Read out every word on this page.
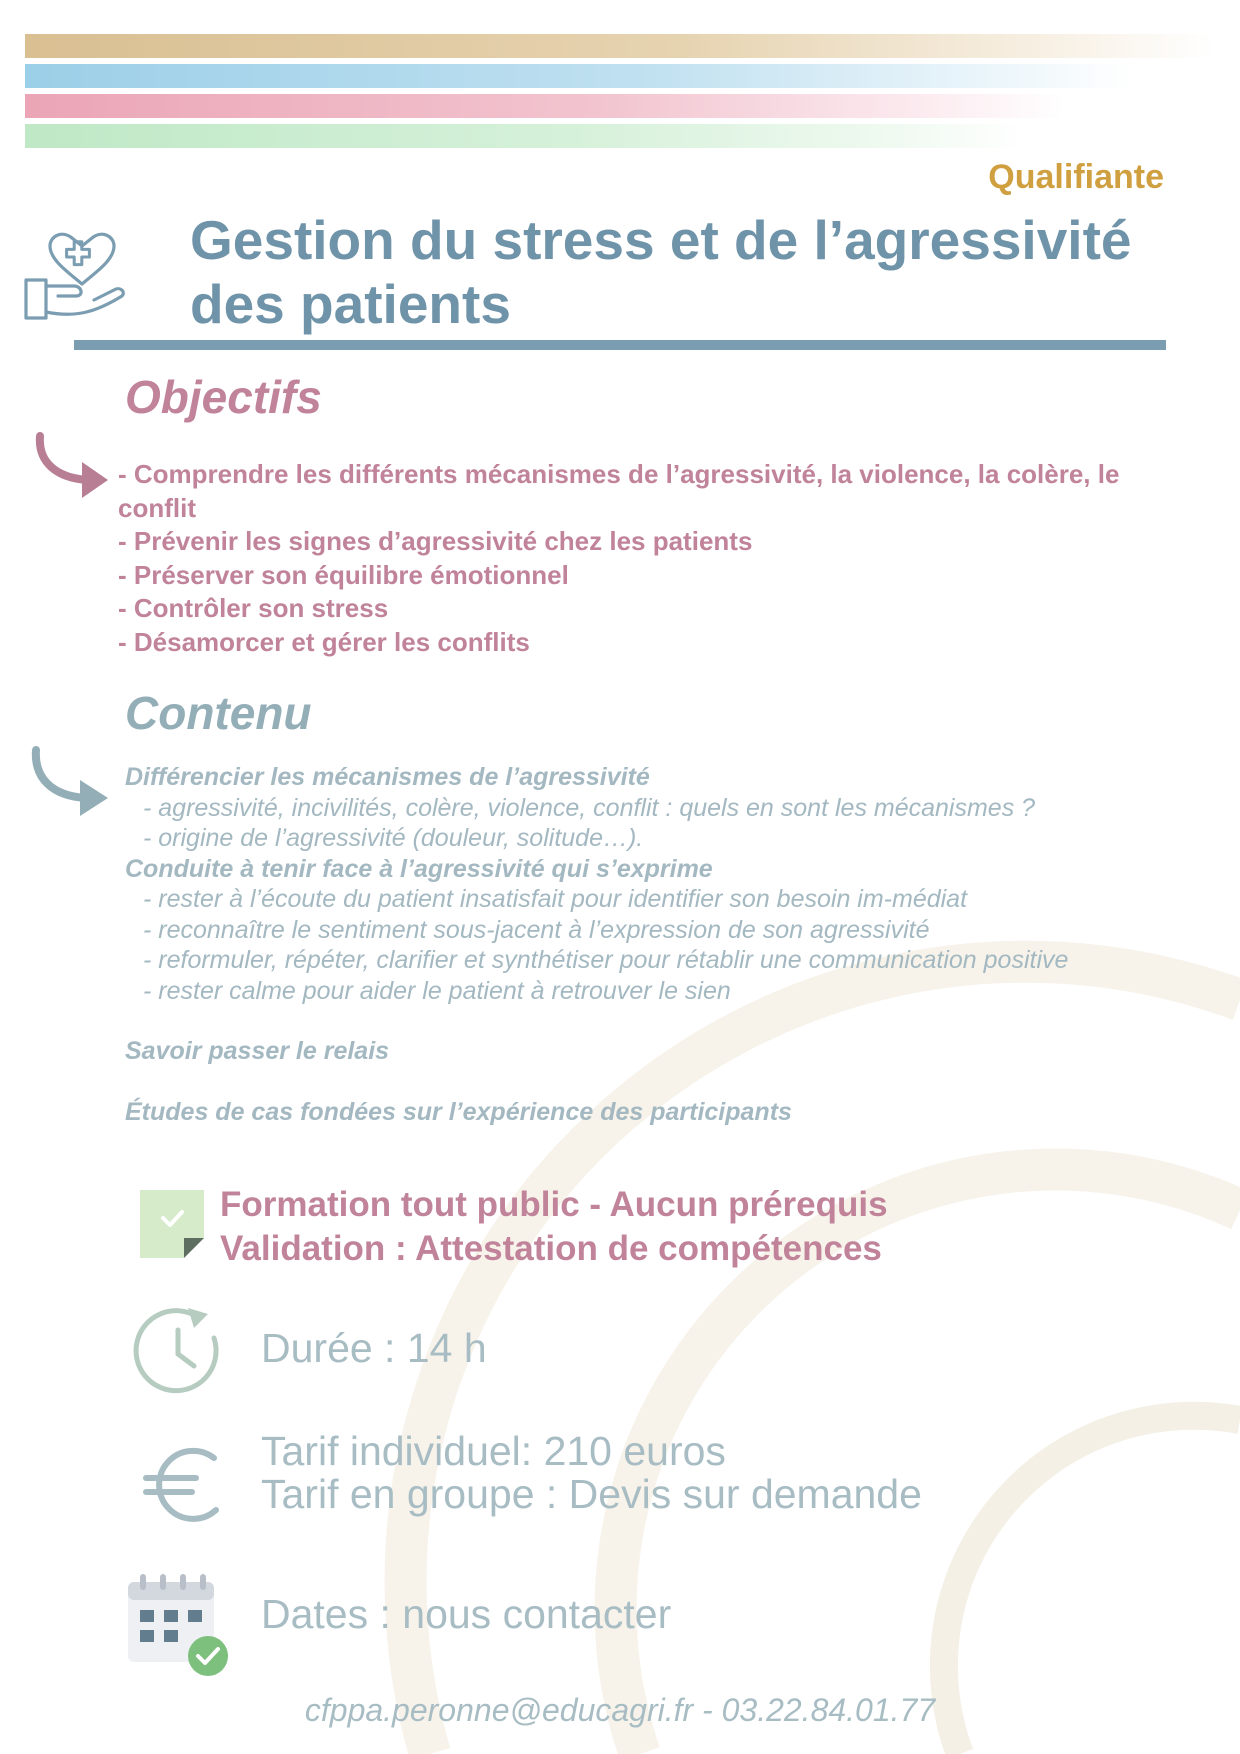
Qualifiante
Gestion du stress et de l’agressivité des patients
Objectifs
- Comprendre les différents mécanismes de l’agressivité, la violence, la colère, le conflit
- Prévenir les signes d’agressivité chez les patients
- Préserver son équilibre émotionnel
- Contrôler son stress
- Désamorcer et gérer les conflits
Contenu
Différencier les mécanismes de l’agressivité
- agressivité, incivilités, colère, violence, conflit : quels en sont les mécanismes ?
- origine de l’agressivité (douleur, solitude…).
Conduite à tenir face à l’agressivité qui s’exprime
- rester à l’écoute du patient insatisfait pour identifier son besoin im-médiat
- reconnaître le sentiment sous-jacent à l’expression de son agressivité
- reformuler, répéter, clarifier et synthétiser pour rétablir une communication positive
- rester calme pour aider le patient à retrouver le sien
Savoir passer le relais
Études de cas fondées sur l’expérience des participants
Formation tout public - Aucun prérequis
Validation : Attestation de compétences
Durée : 14 h
Tarif individuel: 210 euros
Tarif en groupe : Devis sur demande
Dates : nous contacter
cfppa.peronne@educagri.fr - 03.22.84.01.77
